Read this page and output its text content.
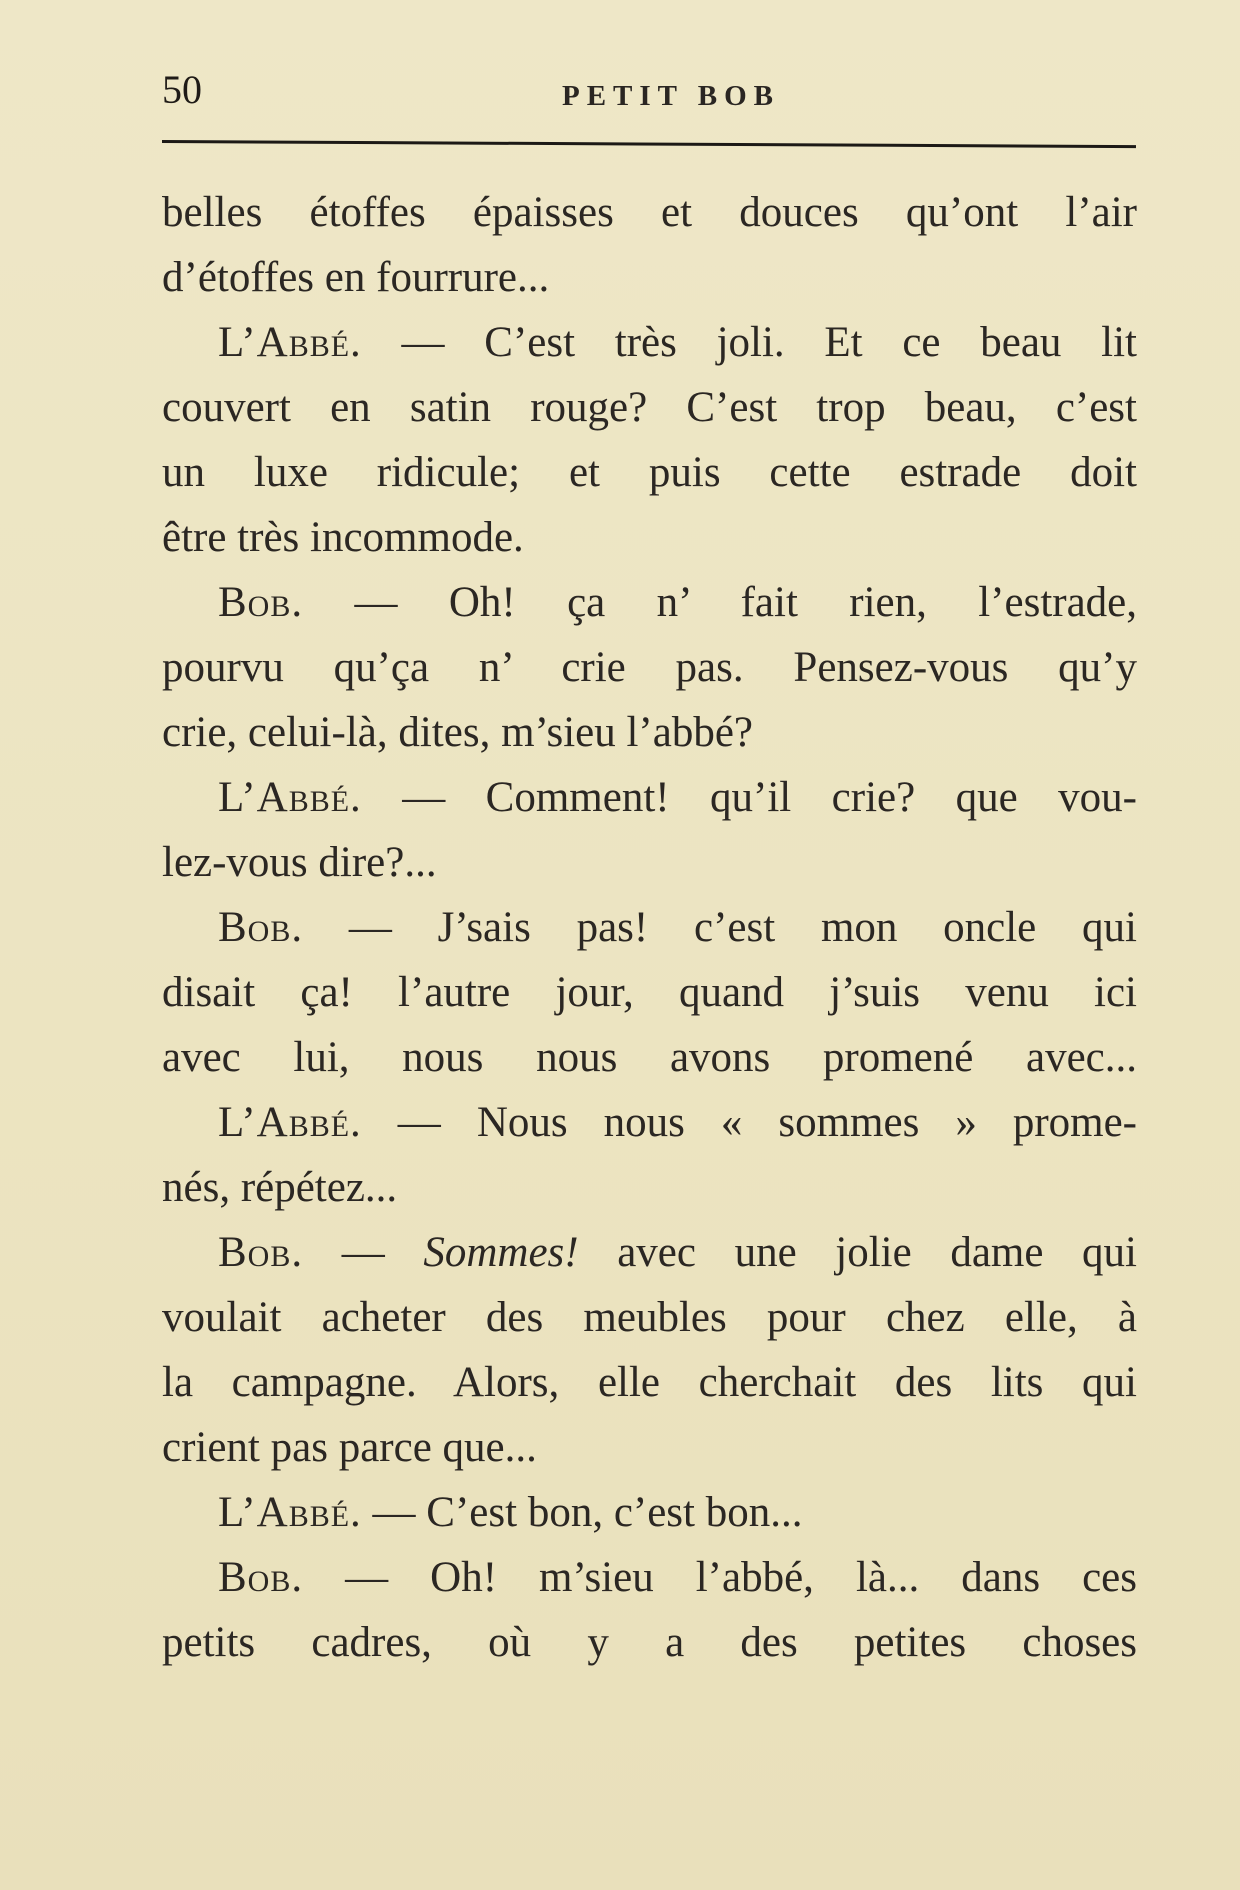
50	PETIT BOB
belles étoffes épaisses et douces qu’ont l’air
d’étoffes en fourrure...
L’Abbé. — C’est très joli. Et ce beau lit
couvert en satin rouge? C’est trop beau, c’est
un luxe ridicule; et puis cette estrade doit
être très incommode.
Bob. — Oh! ça n’ fait rien, l’estrade,
pourvu qu’ça n’ crie pas. Pensez-vous qu’y
crie, celui-là, dites, m’sieu l’abbé?
L’Abbé. — Comment! qu’il crie? que vou-
lez-vous dire?...
Bob. — J’sais pas! c’est mon oncle qui
disait ça! l’autre jour, quand j’suis venu ici
avec lui, nous nous avons promené avec...
L’Abbé. — Nous nous « sommes » prome-
nés, répétez...
Bob. — Sommes! avec une jolie dame qui
voulait acheter des meubles pour chez elle, à
la campagne. Alors, elle cherchait des lits qui
crient pas parce que...
L’Abbé. — C’est bon, c’est bon...
Bob. — Oh! m’sieu l’abbé, là... dans ces
petits cadres, où y a des petites choses
